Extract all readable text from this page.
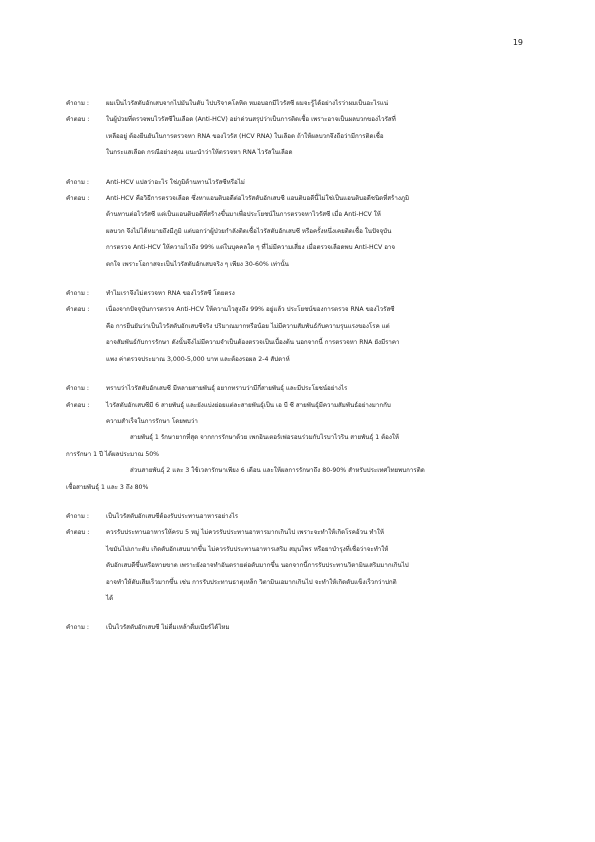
19
คำถาม :	ผมเป็นไวรัสตับอักเสบจากไปมันในตับ ไปบริจาคโลหิต หมอบอกมีไวรัสซี ผมจะรู้ได้อย่างไรว่าผมเป็นอะไรแน่
คำตอบ :	ในผู้ป่วยที่ตรวจพบไวรัสซีในเลือด (Anti-HCV) อย่าด่วนสรุปว่าเป็นการติดเชื้อ เพราะอาจเป็นผลบวกของไวรัสที่
เหลืออยู่ ต้องยืนยันในการตรวจหา RNA ของไวรัส (HCV RNA) ในเลือด ถ้าให้ผลบวกจึงถือว่ามีการติดเชื้อ
ในกระแสเลือด กรณีอย่างคุณ แนะนำว่าให้ตรวจหา RNA ไวรัสในเลือด
คำถาม :	Anti-HCV แปลว่าอะไร ใช่ภูมิต้านทานไวรัสซีหรือไม่
คำตอบ :	Anti-HCV คือวิธีการตรวจเลือด ซึ่งหาแอนติบอดีต่อไวรัสตับอักเสบซี แอนติบอดีนี้ไม่ใช่เป็นแอนติบอดีชนิดที่สร้างภูมิ
ต้านทานต่อไวรัสซี แต่เป็นแอนติบอดีที่สร้างขึ้นมาเพื่อประโยชน์ในการตรวจหาไวรัสซี เมื่อ Anti-HCV ให้
ผลบวก จึงไม่ได้หมายถึงมีภูมิ แต่บอกว่าผู้ป่วยกำลังติดเชื้อไวรัสตับอักเสบซี หรือครั้งหนึ่งเคยติดเชื้อ ในปัจจุบัน
การตรวจ Anti-HCV ให้ความไวถึง 99% แต่ในบุคคลใด ๆ ที่ไม่มีความเสี่ยง เมื่อตรวจเลือดพบ Anti-HCV อาจ
ตกใจ เพราะโอกาสจะเป็นไวรัสตับอักเสบจริง ๆ เพียง 30-60% เท่านั้น
คำถาม :	ทำไมเราจึงไม่ตรวจหา RNA ของไวรัสซี โดยตรง
คำตอบ :	เนื่องจากปัจจุบันการตรวจ Anti-HCV ให้ความไวสูงถึง 99% อยู่แล้ว ประโยชน์ของการตรวจ RNA ของไวรัสซี
คือ การยืนยันว่าเป็นไวรัสตับอักเสบซีจริง ปริมาณมากหรือน้อย ไม่มีความสัมพันธ์กับความรุนแรงของโรค แต่
อาจสัมพันธ์กับการรักษา ดังนั้นจึงไม่มีความจำเป็นต้องตรวจเป็นเบื้องต้น นอกจากนี้ การตรวจหา RNA ยังมีราคา
แพง ค่าตรวจประมาณ 3,000-5,000 บาท และต้องรอผล 2-4 สัปดาห์
คำถาม :	ทราบว่าไวรัสตับอักเสบซี มีหลายสายพันธุ์ อยากทราบว่ามีกี่สายพันธุ์ และมีประโยชน์อย่างไร
คำตอบ :	ไวรัสตับอักเสบซีมี 6 สายพันธุ์ และยังแบ่งย่อยแต่ละสายพันธุ์เป็น เอ บี ซี สายพันธุ์มีความสัมพันธ์อย่างมากกับ
ความสำเร็จในการรักษา โดยพบว่า
สายพันธุ์ 1 รักษายากที่สุด จากการรักษาด้วย เพกอินเตอร์เฟอรอนร่วมกับไรบาไวริน สายพันธุ์ 1 ต้องให้
การรักษา 1 ปี ได้ผลประมาณ 50%
ส่วนสายพันธุ์ 2 และ 3 ใช้เวลารักษาเพียง 6 เดือน และให้ผลการรักษาถึง 80-90% สำหรับประเทศไทยพบการติด
เชื้อสายพันธุ์ 1 และ 3 ถึง 80%
คำถาม :	เป็นไวรัสตับอักเสบซีต้องรับประทานอาหารอย่างไร
คำตอบ :	ควรรับประทานอาหารให้ครบ 5 หมู่ ไม่ควรรับประทานอาหารมากเกินไป เพราะจะทำให้เกิดโรคอ้วน ทำให้
ไขมันไปเกาะตับ เกิดตับอักเสบมากขึ้น ไม่ควรรับประทานอาหารเสริม สมุนไพร หรือยาบำรุงที่เชื่อว่าจะทำให้
ตับอักเสบดีขึ้นหรือหายขาด เพราะยังอาจทำอันตรายต่อตับมากขึ้น นอกจากนี้การรับประทานวิตามินเสริมมากเกินไป
อาจทำให้ตับเสียเร็วมากขึ้น เช่น การรับประทานธาตุเหล็ก วิตามินเอมากเกินไป จะทำให้เกิดตับแข็งเร็วกว่าปกติ
ได้
คำถาม :	เป็นไวรัสตับอักเสบซี ไม่ดื่มเหล้าดื่มเบียร์ได้ไหม
